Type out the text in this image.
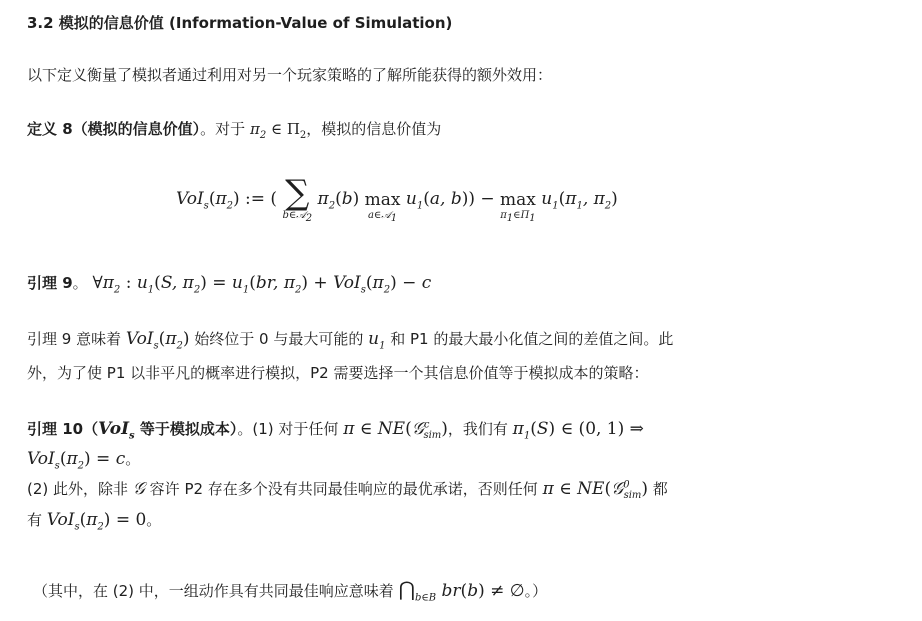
3.2 模拟的信息价值 (Information-Value of Simulation)
以下定义衡量了模拟者通过利用对另一个玩家策略的了解所能获得的额外效用：
定义 8（模拟的信息价值）。对于 $\pi_2$ ∈ $\Pi_2$，模拟的信息价值为
$VoI_s(\pi_2)$ := ( ∑
b∈𝒜$_2$
$\pi_2(b)$ max
a∈𝒜$_1$
$u_1(a$, b)) − max
$\pi_1\in\Pi_1$
$u_1(\pi_1$, $\pi_2$)
引理 9。 $\forall\pi_2$ : $u_1(S$, $\pi_2) = u_1(br$, $\pi_2) + VoI_s(\pi_2) - c$
引理 9 意味着 $VoI_s(\pi_2)$ 始终位于 0 与最大可能的 $u_1$ 和 P1 的最大最小化值之间的差值之间。此
外，为了使 P1 以非平凡的概率进行模拟，P2 需要选择一个其信息价值等于模拟成本的策略：
引理 10（VoI$_s$ 等于模拟成本）。(1) 对于任何 π ∈ NE(𝒢$^c_{sim}$)，我们有 $\pi_1(S)$ ∈ (0, 1) ⇒
$VoI_s(\pi_2) = c$。
(2) 此外，除非 𝒢 容许 P2 存在多个没有共同最佳响应的最优承诺，否则任何 π ∈ NE(𝒢$^0_{sim}$) 都
有 $VoI_s(\pi_2) = 0$。
（其中，在 (2) 中，一组动作具有共同最佳响应意味着 $⋂_{b\in B}$ br(b) ≠ ∅。）
